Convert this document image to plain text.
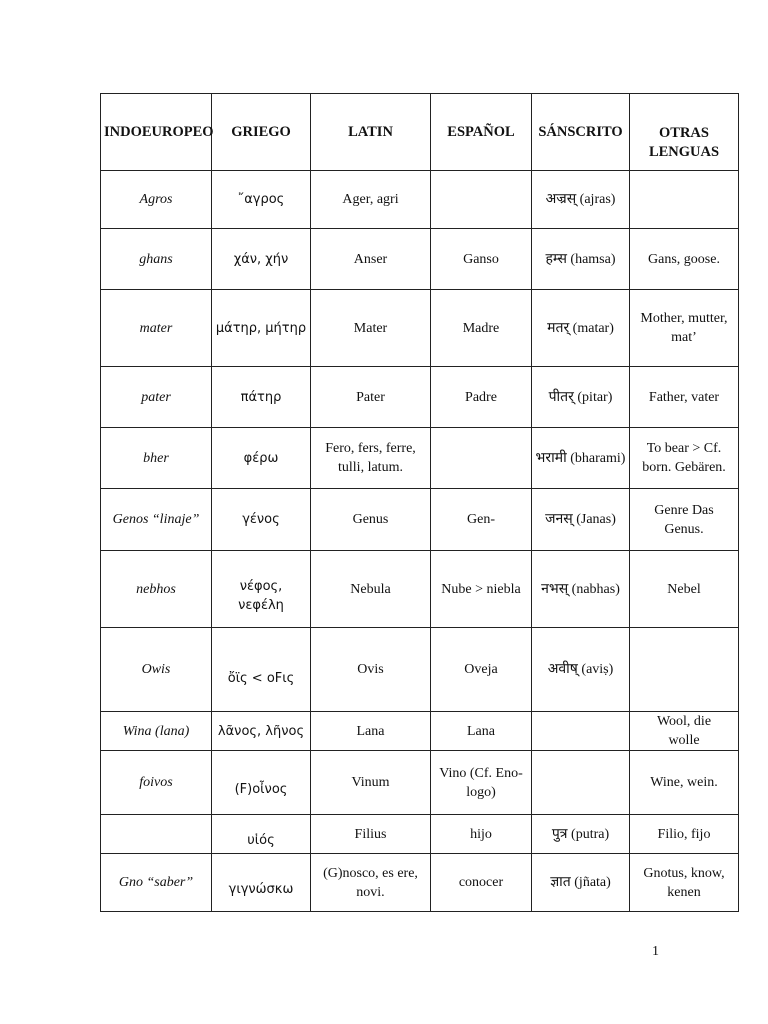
INDOEUROPEO	GRIEGO	LATIN	ESPAÑOL	SÁNSCRITO	OTRAS LENGUAS
Agros	῎αγρος	Ager, agri		अज्रस् (ajras)	
ghans	χάν, χήν	Anser	Ganso	हम्स (hamsa)	Gans, goose.
mater	μάτηρ, μήτηρ	Mater	Madre	मतर् (matar)	Mother, mutter, mat’
pater	πάτηρ	Pater	Padre	पीतर् (pitar)	Father, vater
bher	φέρω	Fero, fers, ferre, tulli, latum.		भरामी (bharami)	To bear > Cf. born. Gebären.
Genos “linaje”	γένος	Genus	Gen-	जनस् (Janas)	Genre Das Genus.
nebhos	νέφος, νεφέλη	Nebula	Nube > niebla	नभस् (nabhas)	Nebel
Owis	ὄϊς < oFις	Ovis	Oveja	अवीष् (aviṣ)	
Wina (lana)	λᾶνος, λῆνος	Lana	Lana		Wool, die wolle
foivos	(F)οἶνος	Vinum	Vino (Cf. Eno-logo)		Wine, wein.
	υἱός	Filius	hijo	पुत्र (putra)	Filio, fijo
Gno “saber”	γιγνώσκω	(G)nosco, es ere, novi.	conocer	ज्ञात (jñata)	Gnotus, know, kenen
1
